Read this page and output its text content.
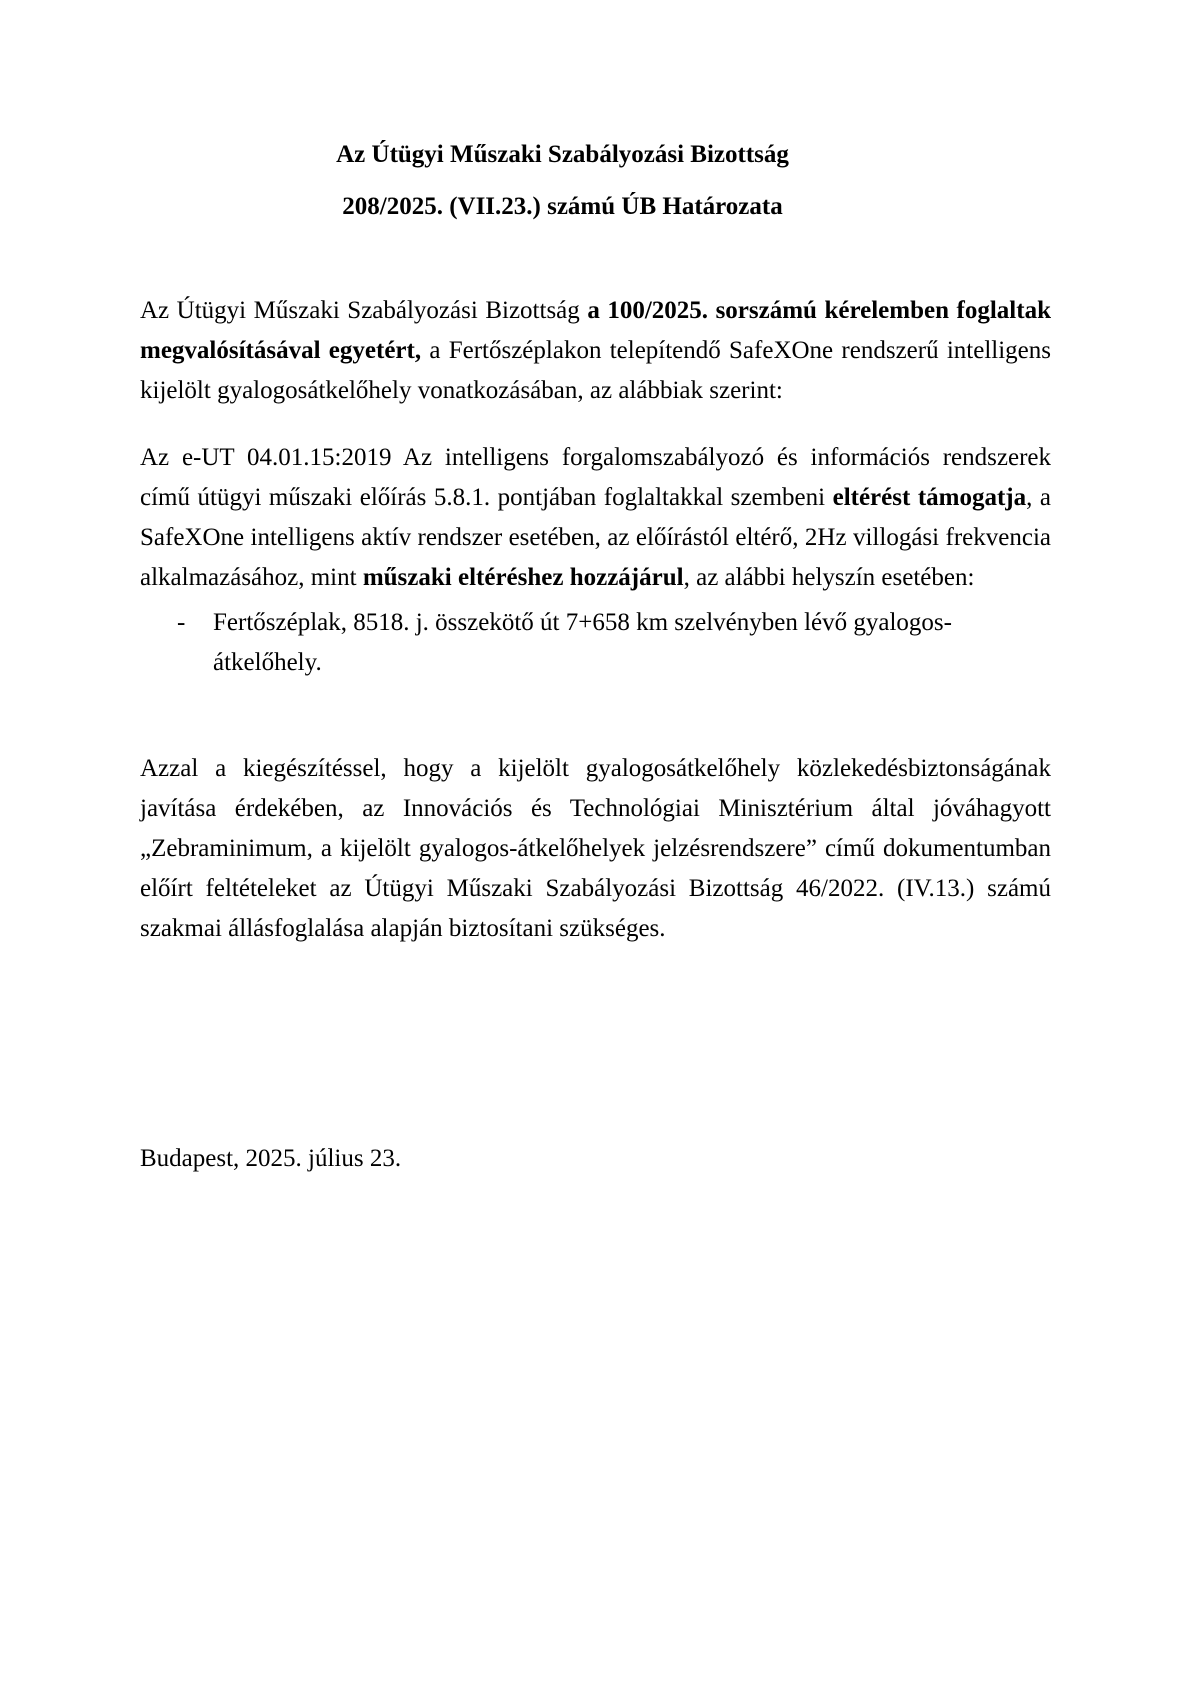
Az Útügyi Műszaki Szabályozási Bizottság
208/2025. (VII.23.) számú ÚB Határozata

Az Útügyi Műszaki Szabályozási Bizottság a 100/2025. sorszámú kérelemben foglaltak megvalósításával egyetért, a Fertőszéplakon telepítendő SafeXOne rendszerű intelligens kijelölt gyalogosátkelőhely vonatkozásában, az alábbiak szerint:

Az e-UT 04.01.15:2019 Az intelligens forgalomszabályozó és információs rendszerek című útügyi műszaki előírás 5.8.1. pontjában foglaltakkal szembeni eltérést támogatja, a SafeXOne intelligens aktív rendszer esetében, az előírástól eltérő, 2Hz villogási frekvencia alkalmazásához, mint műszaki eltéréshez hozzájárul, az alábbi helyszín esetében:

- Fertőszéplak, 8518. j. összekötő út 7+658 km szelvényben lévő gyalogos-átkelőhely.

Azzal a kiegészítéssel, hogy a kijelölt gyalogosátkelőhely közlekedésbiztonságának javítása érdekében, az Innovációs és Technológiai Minisztérium által jóváhagyott „Zebraminimum, a kijelölt gyalogos-átkelőhelyek jelzésrendszere” című dokumentumban előírt feltételeket az Útügyi Műszaki Szabályozási Bizottság 46/2022. (IV.13.) számú szakmai állásfoglalása alapján biztosítani szükséges.

Budapest, 2025. július 23.
